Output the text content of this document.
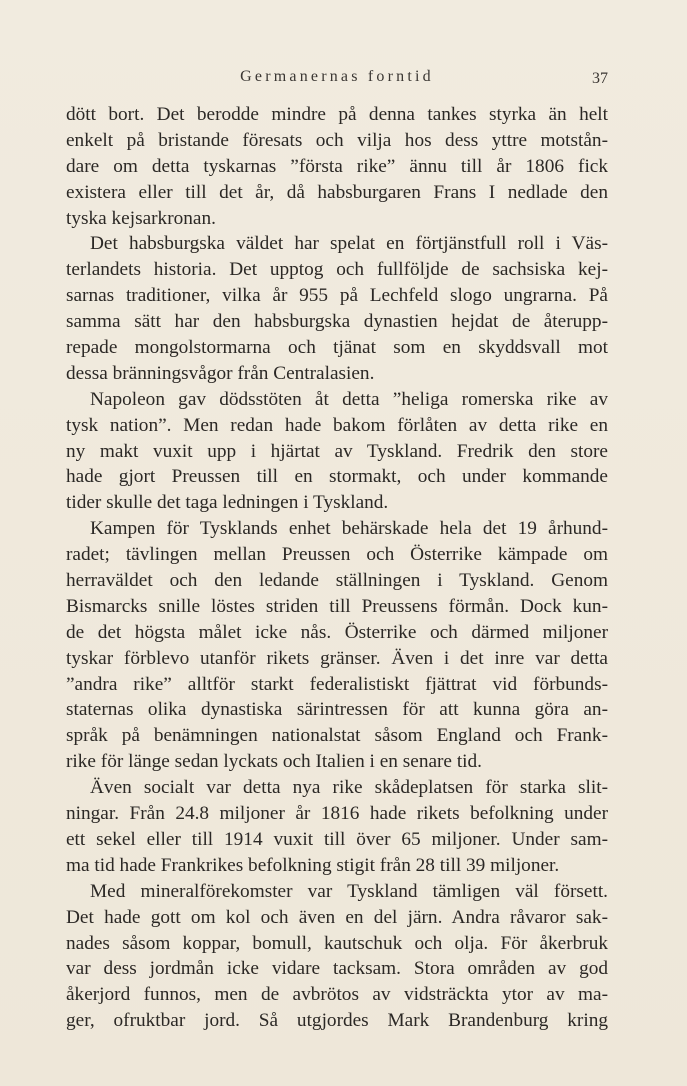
Germanernas forntid	37
dött bort. Det berodde mindre på denna tankes styrka än helt
enkelt på bristande föresats och vilja hos dess yttre motstån-
dare om detta tyskarnas ”första rike” ännu till år 1806 fick
existera eller till det år, då habsburgaren Frans I nedlade den
tyska kejsarkronan.
Det habsburgska väldet har spelat en förtjänstfull roll i Väs-
terlandets historia. Det upptog och fullföljde de sachsiska kej-
sarnas traditioner, vilka år 955 på Lechfeld slogo ungrarna. På
samma sätt har den habsburgska dynastien hejdat de återupp-
repade mongolstormarna och tjänat som en skyddsvall mot
dessa bränningsvågor från Centralasien.
Napoleon gav dödsstöten åt detta ”heliga romerska rike av
tysk nation”. Men redan hade bakom förlåten av detta rike en
ny makt vuxit upp i hjärtat av Tyskland. Fredrik den store
hade gjort Preussen till en stormakt, och under kommande
tider skulle det taga ledningen i Tyskland.
Kampen för Tysklands enhet behärskade hela det 19 århund-
radet; tävlingen mellan Preussen och Österrike kämpade om
herraväldet och den ledande ställningen i Tyskland. Genom
Bismarcks snille löstes striden till Preussens förmån. Dock kun-
de det högsta målet icke nås. Österrike och därmed miljoner
tyskar förblevo utanför rikets gränser. Även i det inre var detta
”andra rike” alltför starkt federalistiskt fjättrat vid förbunds-
staternas olika dynastiska särintressen för att kunna göra an-
språk på benämningen nationalstat såsom England och Frank-
rike för länge sedan lyckats och Italien i en senare tid.
Även socialt var detta nya rike skådeplatsen för starka slit-
ningar. Från 24.8 miljoner år 1816 hade rikets befolkning under
ett sekel eller till 1914 vuxit till över 65 miljoner. Under sam-
ma tid hade Frankrikes befolkning stigit från 28 till 39 miljoner.
Med mineralförekomster var Tyskland tämligen väl försett.
Det hade gott om kol och även en del järn. Andra råvaror sak-
nades såsom koppar, bomull, kautschuk och olja. För åkerbruk
var dess jordmån icke vidare tacksam. Stora områden av god
åkerjord funnos, men de avbrötos av vidsträckta ytor av ma-
ger, ofruktbar jord. Så utgjordes Mark Brandenburg kring
